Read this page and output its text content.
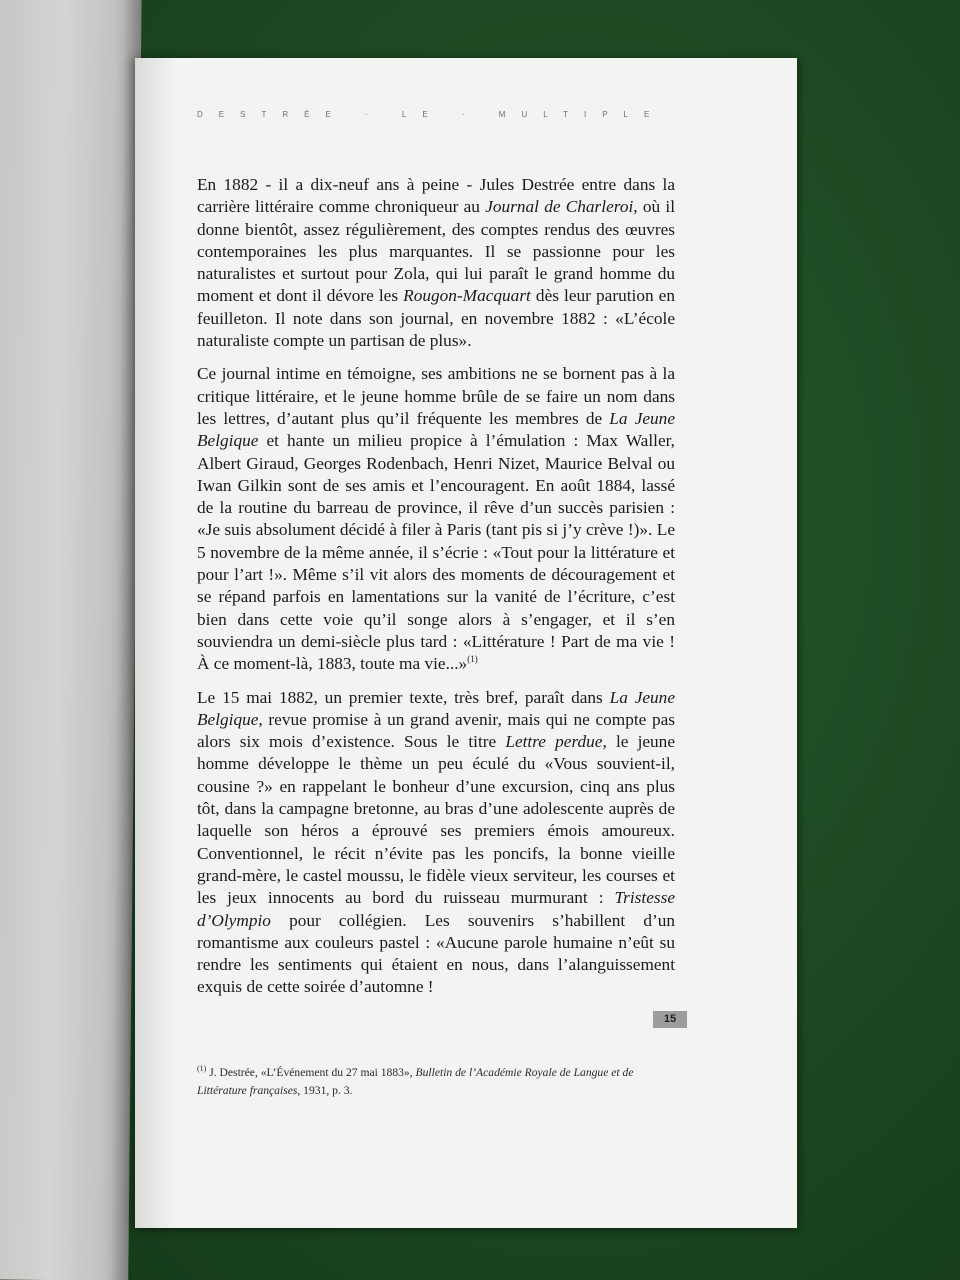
DESTRÉE · LE · MULTIPLE

En 1882 - il a dix-neuf ans à peine - Jules Destrée entre dans la carrière littéraire comme chroniqueur au Journal de Charleroi, où il donne bientôt, assez régulièrement, des comptes rendus des œuvres contemporaines les plus marquantes. Il se passionne pour les naturalistes et surtout pour Zola, qui lui paraît le grand homme du moment et dont il dévore les Rougon-Macquart dès leur parution en feuilleton. Il note dans son journal, en novembre 1882 : «L’école naturaliste compte un partisan de plus».

Ce journal intime en témoigne, ses ambitions ne se bornent pas à la critique littéraire, et le jeune homme brûle de se faire un nom dans les lettres, d’autant plus qu’il fréquente les membres de La Jeune Belgique et hante un milieu propice à l’émulation : Max Waller, Albert Giraud, Georges Rodenbach, Henri Nizet, Maurice Belval ou Iwan Gilkin sont de ses amis et l’encouragent. En août 1884, lassé de la routine du barreau de province, il rêve d’un succès parisien : «Je suis absolument décidé à filer à Paris (tant pis si j’y crève !)». Le 5 novembre de la même année, il s’écrie : «Tout pour la littérature et pour l’art !». Même s’il vit alors des moments de découragement et se répand parfois en lamentations sur la vanité de l’écriture, c’est bien dans cette voie qu’il songe alors à s’engager, et il s’en souviendra un demi-siècle plus tard : «Littérature ! Part de ma vie ! À ce moment-là, 1883, toute ma vie...»$^{(1)}$

Le 15 mai 1882, un premier texte, très bref, paraît dans La Jeune Belgique, revue promise à un grand avenir, mais qui ne compte pas alors six mois d’existence. Sous le titre Lettre perdue, le jeune homme développe le thème un peu éculé du «Vous souvient-il, cousine ?» en rappelant le bonheur d’une excursion, cinq ans plus tôt, dans la campagne bretonne, au bras d’une adolescente auprès de laquelle son héros a éprouvé ses premiers émois amoureux. Conventionnel, le récit n’évite pas les poncifs, la bonne vieille grand-mère, le castel moussu, le fidèle vieux serviteur, les courses et les jeux innocents au bord du ruisseau murmurant : Tristesse d’Olympio pour collégien. Les souvenirs s’habillent d’un romantisme aux couleurs pastel : «Aucune parole humaine n’eût su rendre les sentiments qui étaient en nous, dans l’alanguissement exquis de cette soirée d’automne !

$^{(1)}$ J. Destrée, «L’Événement du 27 mai 1883», Bulletin de l’Académie Royale de Langue et de Littérature françaises, 1931, p. 3.
15
